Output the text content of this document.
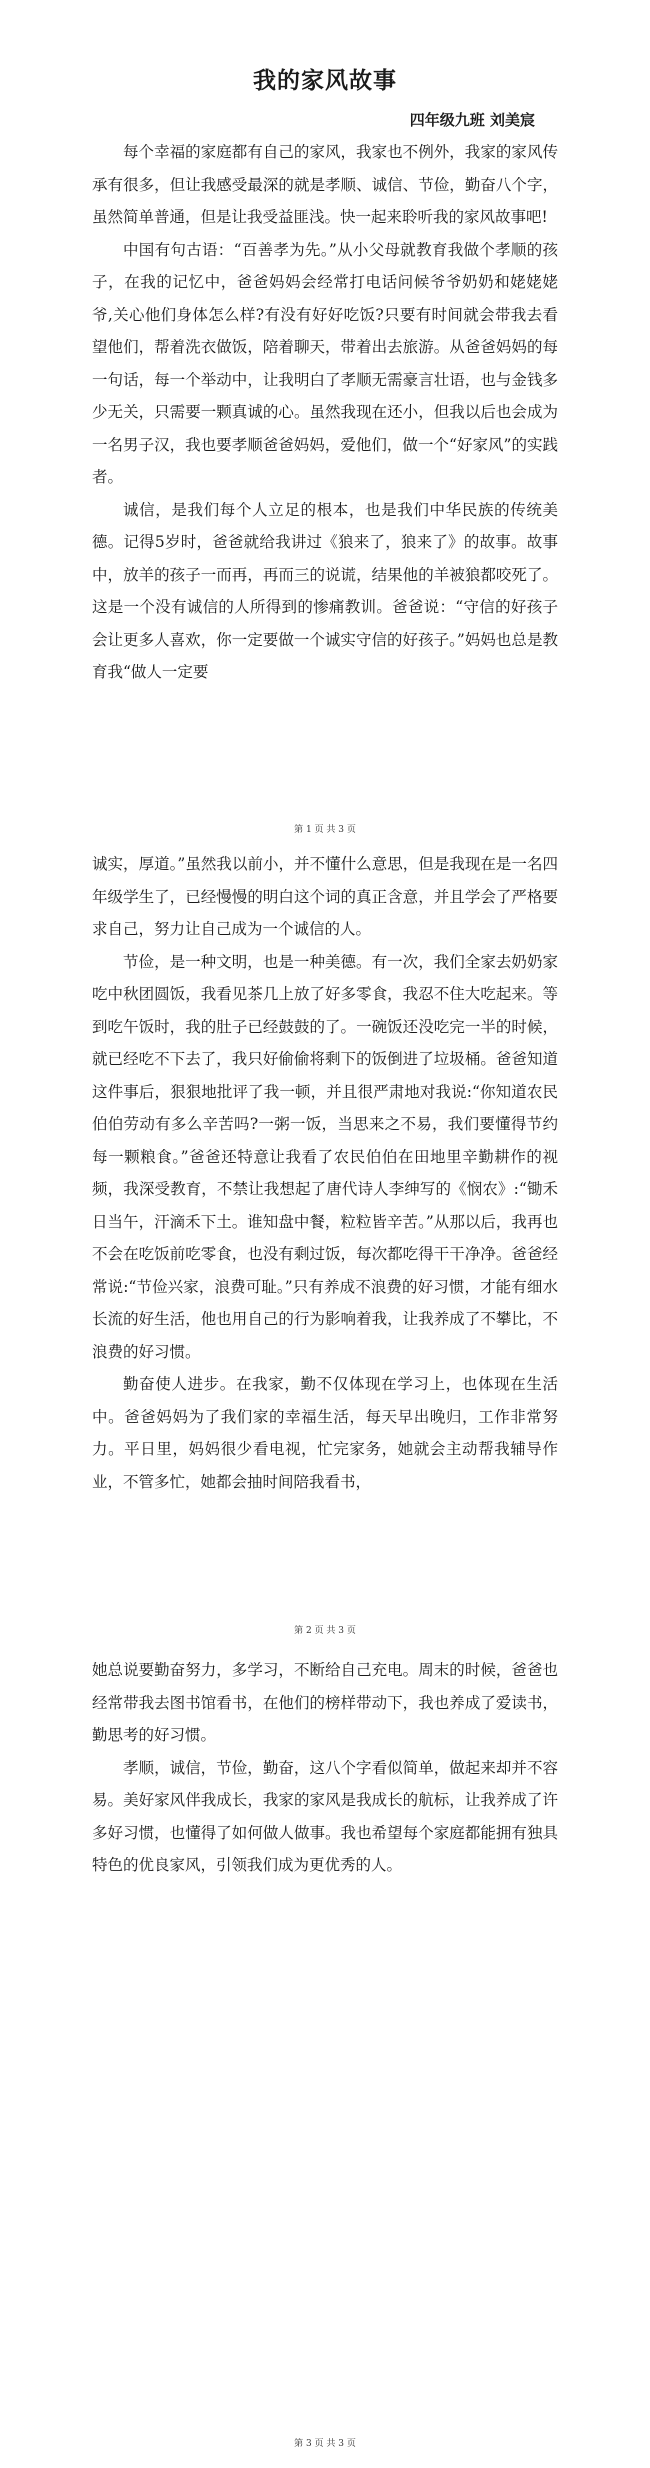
我的家风故事

四年级九班 刘美宸

每个幸福的家庭都有自己的家风，我家也不例外，我家的家风传承有很多，但让我感受最深的就是孝顺、诚信、节俭，勤奋八个字，虽然简单普通，但是让我受益匪浅。快一起来聆听我的家风故事吧!

中国有句古语：“百善孝为先。”从小父母就教育我做个孝顺的孩子，在我的记忆中，爸爸妈妈会经常打电话问候爷爷奶奶和姥姥姥爷,关心他们身体怎么样?有没有好好吃饭?只要有时间就会带我去看望他们，帮着洗衣做饭，陪着聊天，带着出去旅游。从爸爸妈妈的每一句话，每一个举动中，让我明白了孝顺无需豪言壮语，也与金钱多少无关，只需要一颗真诚的心。虽然我现在还小，但我以后也会成为一名男子汉，我也要孝顺爸爸妈妈，爱他们，做一个“好家风”的实践者。

诚信，是我们每个人立足的根本，也是我们中华民族的传统美德。记得5岁时，爸爸就给我讲过《狼来了，狼来了》的故事。故事中，放羊的孩子一而再，再而三的说谎，结果他的羊被狼都咬死了。这是一个没有诚信的人所得到的惨痛教训。爸爸说：“守信的好孩子会让更多人喜欢，你一定要做一个诚实守信的好孩子。”妈妈也总是教育我“做人一定要

第 1 页 共 3 页

诚实，厚道。”虽然我以前小，并不懂什么意思，但是我现在是一名四年级学生了，已经慢慢的明白这个词的真正含意，并且学会了严格要求自己，努力让自己成为一个诚信的人。

节俭，是一种文明，也是一种美德。有一次，我们全家去奶奶家吃中秋团圆饭，我看见茶几上放了好多零食，我忍不住大吃起来。等到吃午饭时，我的肚子已经鼓鼓的了。一碗饭还没吃完一半的时候，就已经吃不下去了，我只好偷偷将剩下的饭倒进了垃圾桶。爸爸知道这件事后，狠狠地批评了我一顿，并且很严肃地对我说:“你知道农民伯伯劳动有多么辛苦吗?一粥一饭，当思来之不易，我们要懂得节约每一颗粮食。”爸爸还特意让我看了农民伯伯在田地里辛勤耕作的视频，我深受教育，不禁让我想起了唐代诗人李绅写的《悯农》:“锄禾日当午，汗滴禾下土。谁知盘中餐，粒粒皆辛苦。”从那以后，我再也不会在吃饭前吃零食，也没有剩过饭，每次都吃得干干净净。爸爸经常说:“节俭兴家，浪费可耻。”只有养成不浪费的好习惯，才能有细水长流的好生活，他也用自己的行为影响着我，让我养成了不攀比，不浪费的好习惯。

勤奋使人进步。在我家，勤不仅体现在学习上，也体现在生活中。爸爸妈妈为了我们家的幸福生活，每天早出晚归，工作非常努力。平日里，妈妈很少看电视，忙完家务，她就会主动帮我辅导作业，不管多忙，她都会抽时间陪我看书，

第 2 页 共 3 页

她总说要勤奋努力，多学习，不断给自己充电。周末的时候，爸爸也经常带我去图书馆看书，在他们的榜样带动下，我也养成了爱读书，勤思考的好习惯。

孝顺，诚信，节俭，勤奋，这八个字看似简单，做起来却并不容易。美好家风伴我成长，我家的家风是我成长的航标，让我养成了许多好习惯，也懂得了如何做人做事。我也希望每个家庭都能拥有独具特色的优良家风，引领我们成为更优秀的人。

第 3 页 共 3 页
